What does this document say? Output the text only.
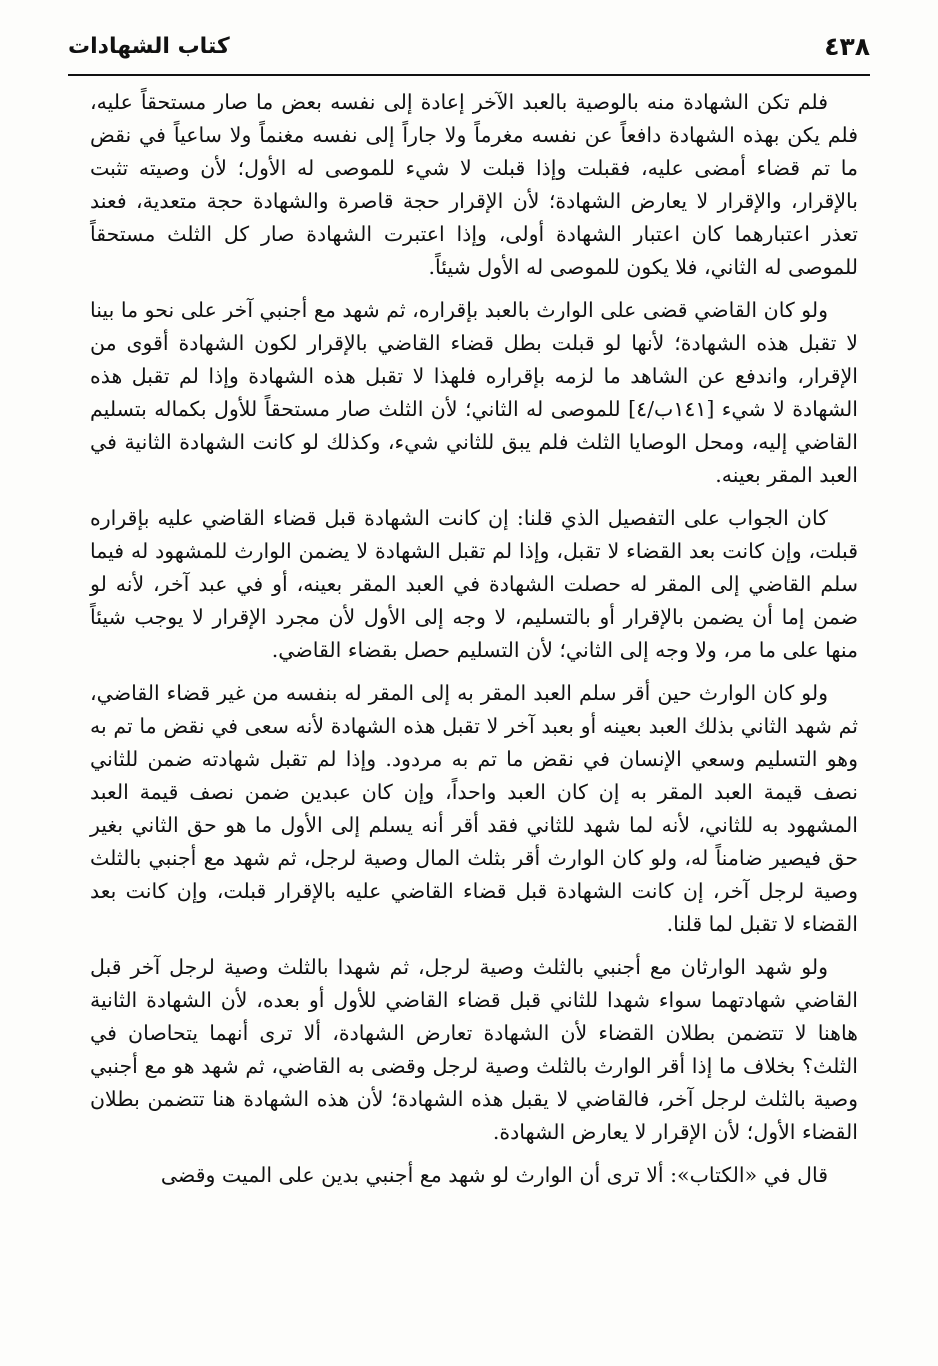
٤٣٨
كتاب الشهادات

فلم تكن الشهادة منه بالوصية بالعبد الآخر إعادة إلى نفسه بعض ما صار مستحقاً عليه، فلم يكن بهذه الشهادة دافعاً عن نفسه مغرماً ولا جاراً إلى نفسه مغنماً ولا ساعياً في نقض ما تم قضاء أمضى عليه، فقبلت وإذا قبلت لا شيء للموصى له الأول؛ لأن وصيته تثبت بالإقرار، والإقرار لا يعارض الشهادة؛ لأن الإقرار حجة قاصرة والشهادة حجة متعدية، فعند تعذر اعتبارهما كان اعتبار الشهادة أولى، وإذا اعتبرت الشهادة صار كل الثلث مستحقاً للموصى له الثاني، فلا يكون للموصى له الأول شيئاً.

ولو كان القاضي قضى على الوارث بالعبد بإقراره، ثم شهد مع أجنبي آخر على نحو ما بينا لا تقبل هذه الشهادة؛ لأنها لو قبلت بطل قضاء القاضي بالإقرار لكون الشهادة أقوى من الإقرار، واندفع عن الشاهد ما لزمه بإقراره فلهذا لا تقبل هذه الشهادة وإذا لم تقبل هذه الشهادة لا شيء [١٤١ب/٤] للموصى له الثاني؛ لأن الثلث صار مستحقاً للأول بكماله بتسليم القاضي إليه، ومحل الوصايا الثلث فلم يبق للثاني شيء، وكذلك لو كانت الشهادة الثانية في العبد المقر بعينه.

كان الجواب على التفصيل الذي قلنا: إن كانت الشهادة قبل قضاء القاضي عليه بإقراره قبلت، وإن كانت بعد القضاء لا تقبل، وإذا لم تقبل الشهادة لا يضمن الوارث للمشهود له فيما سلم القاضي إلى المقر له حصلت الشهادة في العبد المقر بعينه، أو في عبد آخر، لأنه لو ضمن إما أن يضمن بالإقرار أو بالتسليم، لا وجه إلى الأول لأن مجرد الإقرار لا يوجب شيئاً منها على ما مر، ولا وجه إلى الثاني؛ لأن التسليم حصل بقضاء القاضي.

ولو كان الوارث حين أقر سلم العبد المقر به إلى المقر له بنفسه من غير قضاء القاضي، ثم شهد الثاني بذلك العبد بعينه أو بعبد آخر لا تقبل هذه الشهادة لأنه سعى في نقض ما تم به وهو التسليم وسعي الإنسان في نقض ما تم به مردود. وإذا لم تقبل شهادته ضمن للثاني نصف قيمة العبد المقر به إن كان العبد واحداً، وإن كان عبدين ضمن نصف قيمة العبد المشهود به للثاني، لأنه لما شهد للثاني فقد أقر أنه يسلم إلى الأول ما هو حق الثاني بغير حق فيصير ضامناً له، ولو كان الوارث أقر بثلث المال وصية لرجل، ثم شهد مع أجنبي بالثلث وصية لرجل آخر، إن كانت الشهادة قبل قضاء القاضي عليه بالإقرار قبلت، وإن كانت بعد القضاء لا تقبل لما قلنا.

ولو شهد الوارثان مع أجنبي بالثلث وصية لرجل، ثم شهدا بالثلث وصية لرجل آخر قبل القاضي شهادتهما سواء شهدا للثاني قبل قضاء القاضي للأول أو بعده، لأن الشهادة الثانية هاهنا لا تتضمن بطلان القضاء لأن الشهادة تعارض الشهادة، ألا ترى أنهما يتحاصان في الثلث؟ بخلاف ما إذا أقر الوارث بالثلث وصية لرجل وقضى به القاضي، ثم شهد هو مع أجنبي وصية بالثلث لرجل آخر، فالقاضي لا يقبل هذه الشهادة؛ لأن هذه الشهادة هنا تتضمن بطلان القضاء الأول؛ لأن الإقرار لا يعارض الشهادة.

قال في «الكتاب»: ألا ترى أن الوارث لو شهد مع أجنبي بدين على الميت وقضى
